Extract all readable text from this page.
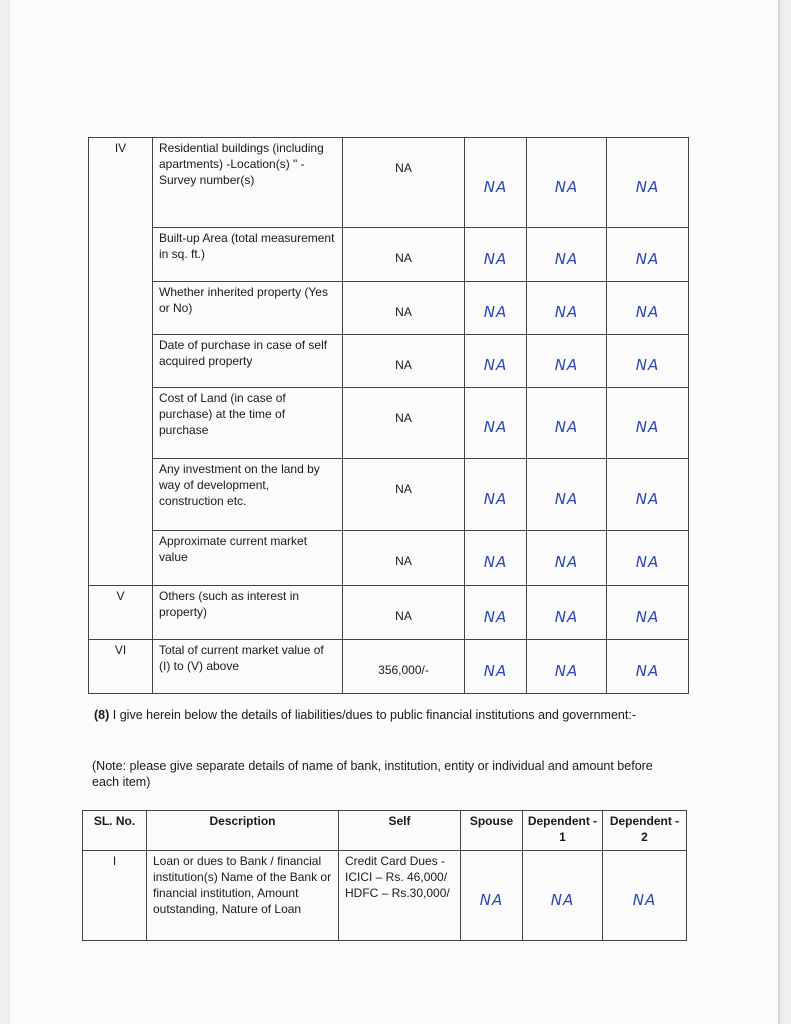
IV	Residential buildings (including apartments) -Location(s) " -Survey number(s)	NA	NA	NA	NA
	Built-up Area (total measurement in sq. ft.)	NA	NA	NA	NA
	Whether inherited property (Yes or No)	NA	NA	NA	NA
	Date of purchase in case of self acquired property	NA	NA	NA	NA
	Cost of Land (in case of purchase) at the time of purchase	NA	NA	NA	NA
	Any investment on the land by way of development, construction etc.	NA	NA	NA	NA
	Approximate current market value	NA	NA	NA	NA
V	Others (such as interest in property)	NA	NA	NA	NA
VI	Total of current market value of (I) to (V) above	356,000/-	NA	NA	NA
(8) I give herein below the details of liabilities/dues to public financial institutions and government:-
(Note: please give separate details of name of bank, institution, entity or individual and amount before each item)
SL. No.	Description	Self	Spouse	Dependent - 1	Dependent - 2
I	Loan or dues to Bank / financial institution(s) Name of the Bank or financial institution, Amount outstanding, Nature of Loan	Credit Card Dues - ICICI – Rs. 46,000/ HDFC – Rs.30,000/	NA	NA	NA
